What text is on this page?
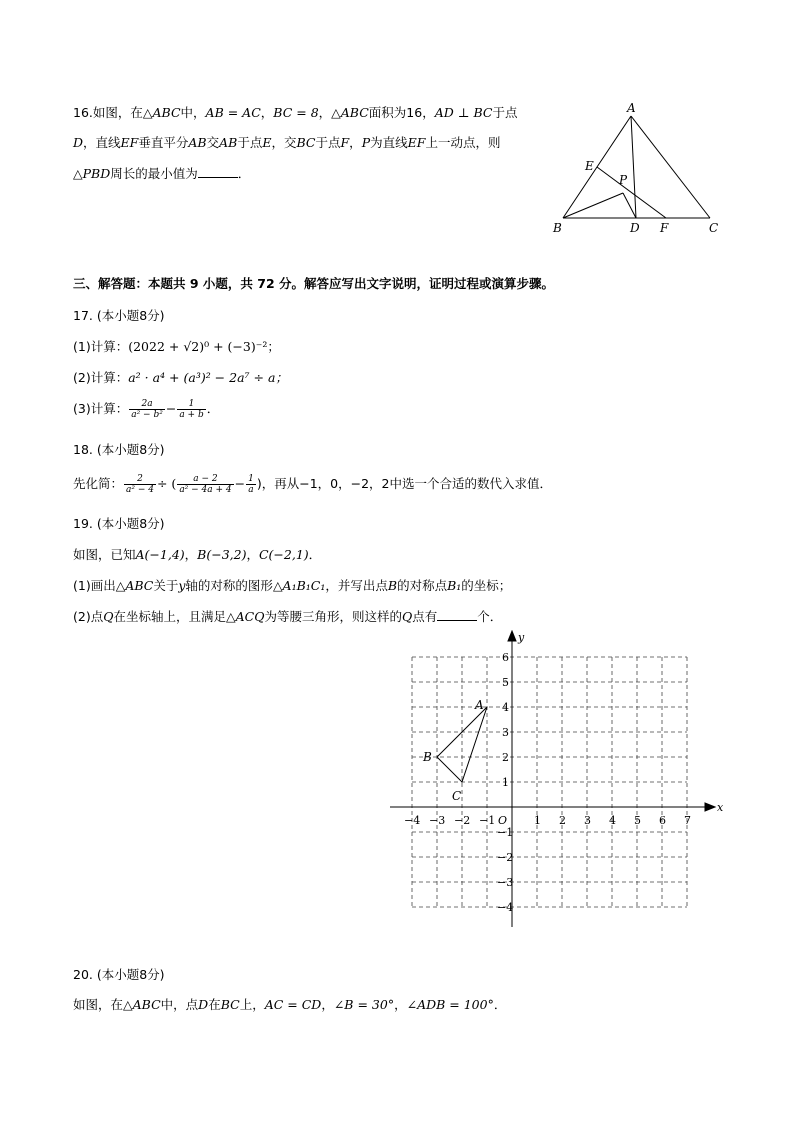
16.如图，在△ABC中，AB = AC，BC = 8，△ABC面积为16，AD ⊥ BC于点
D，直线EF垂直平分AB交AB于点E，交BC于点F，P为直线EF上一动点，则
△PBD周长的最小值为	．
A
E
P
B	D F	C
三、解答题：本题共 9 小题，共 72 分。解答应写出文字说明，证明过程或演算步骤。
17. (本小题8分)
(1)计算：(2022 + √2)⁰ + (−3)⁻²；
(2)计算：a² · a⁴ + (a³)² − 2a⁷ ÷ a；
(3)计算： $\frac{2a}{\text{a² − b²}} - \frac{1}{a + b}$ ．
18. (本小题8分)
先化简： $\frac{2}{\text{a² − 4}}$ ÷ ( $\frac{a - 2}{\text{a² − 4a + 4}} - \frac{1}{a}$ )，再从−1，0，−2，2中选一个合适的数代入求值．
19. (本小题8分)
如图，已知A(−1,4)，B(−3,2)，C(−2,1)．
(1)画出△ABC关于y轴的对称的图形△A₁B₁C₁，并写出点B的对称点B₁的坐标；
(2)点Q在坐标轴上，且满足△ACQ为等腰三角形，则这样的Q点有	个．
−4 −3 −2 −1	1 2 3 4 5 6 7
6
5
4
3
2
1
−1
−2
−3
−4
O
x
y
A
B
C
20. (本小题8分)
如图，在△ABC中，点D在BC上，AC = CD，∠B = 30°，∠ADB = 100°．
